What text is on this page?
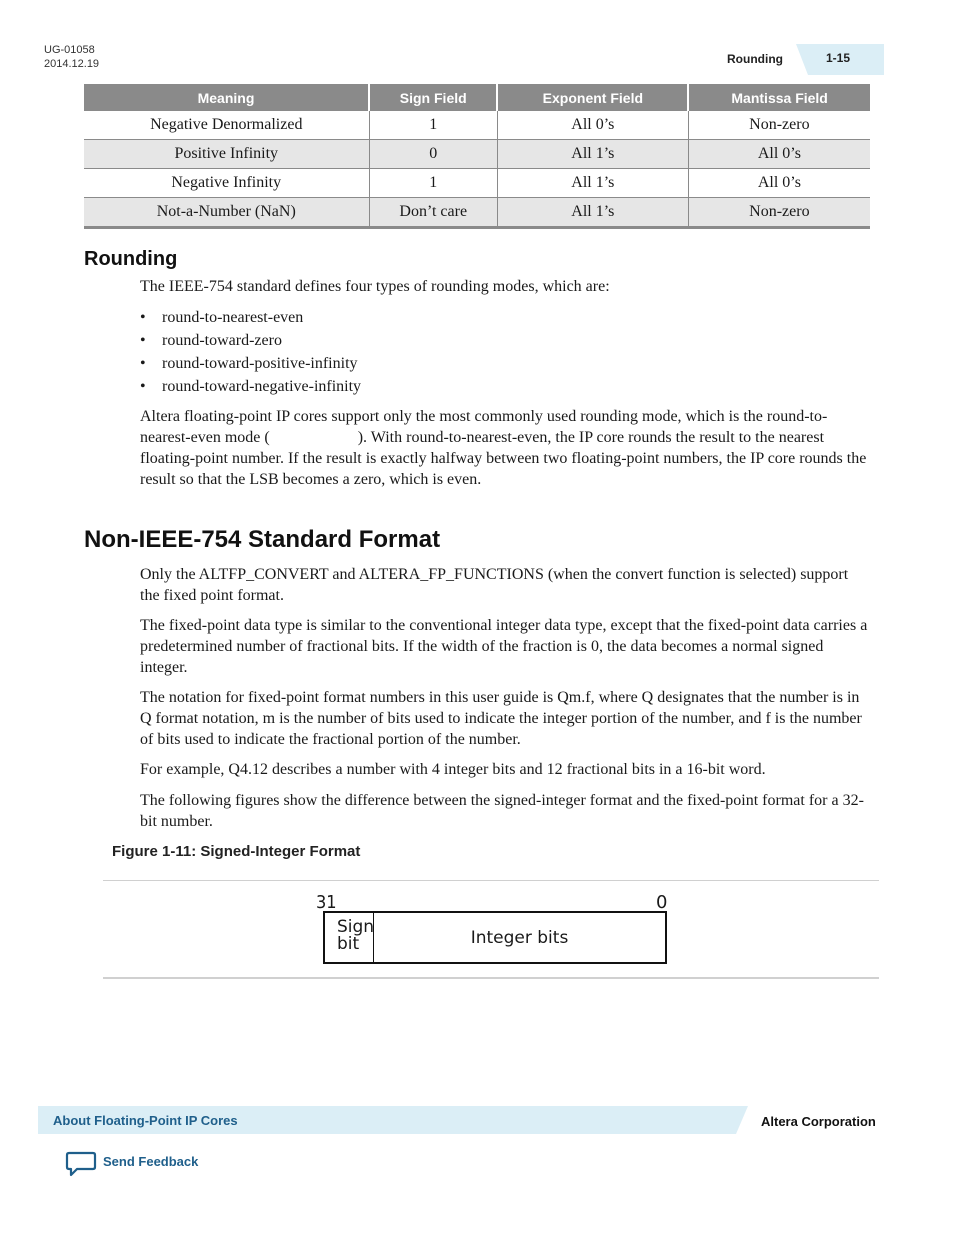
UG-01058
2014.12.19	Rounding	1-15
Meaning	Sign Field	Exponent Field	Mantissa Field
Negative Denormalized	1	All 0’s	Non-zero
Positive Infinity	0	All 1’s	All 0’s
Negative Infinity	1	All 1’s	All 0’s
Not-a-Number (NaN)	Don’t care	All 1’s	Non-zero
Rounding
The IEEE-754 standard defines four types of rounding modes, which are:
• round-to-nearest-even
• round-toward-zero
• round-toward-positive-infinity
• round-toward-negative-infinity
Altera floating-point IP cores support only the most commonly used rounding mode, which is the round-to-nearest-even mode (	). With round-to-nearest-even, the IP core rounds the result to the nearest floating-point number. If the result is exactly halfway between two floating-point numbers, the IP core rounds the result so that the LSB becomes a zero, which is even.
Non-IEEE-754 Standard Format
Only the ALTFP_CONVERT and ALTERA_FP_FUNCTIONS (when the convert function is selected) support the fixed point format.
The fixed-point data type is similar to the conventional integer data type, except that the fixed-point data carries a predetermined number of fractional bits. If the width of the fraction is 0, the data becomes a normal signed integer.
The notation for fixed-point format numbers in this user guide is Qm.f, where Q designates that the number is in Q format notation, m is the number of bits used to indicate the integer portion of the number, and f is the number of bits used to indicate the fractional portion of the number.
For example, Q4.12 describes a number with 4 integer bits and 12 fractional bits in a 16-bit word.
The following figures show the difference between the signed-integer format and the fixed-point format for a 32-bit number.
Figure 1-11: Signed-Integer Format
31	0
Sign bit	Integer bits
About Floating-Point IP Cores	Altera Corporation
Send Feedback
